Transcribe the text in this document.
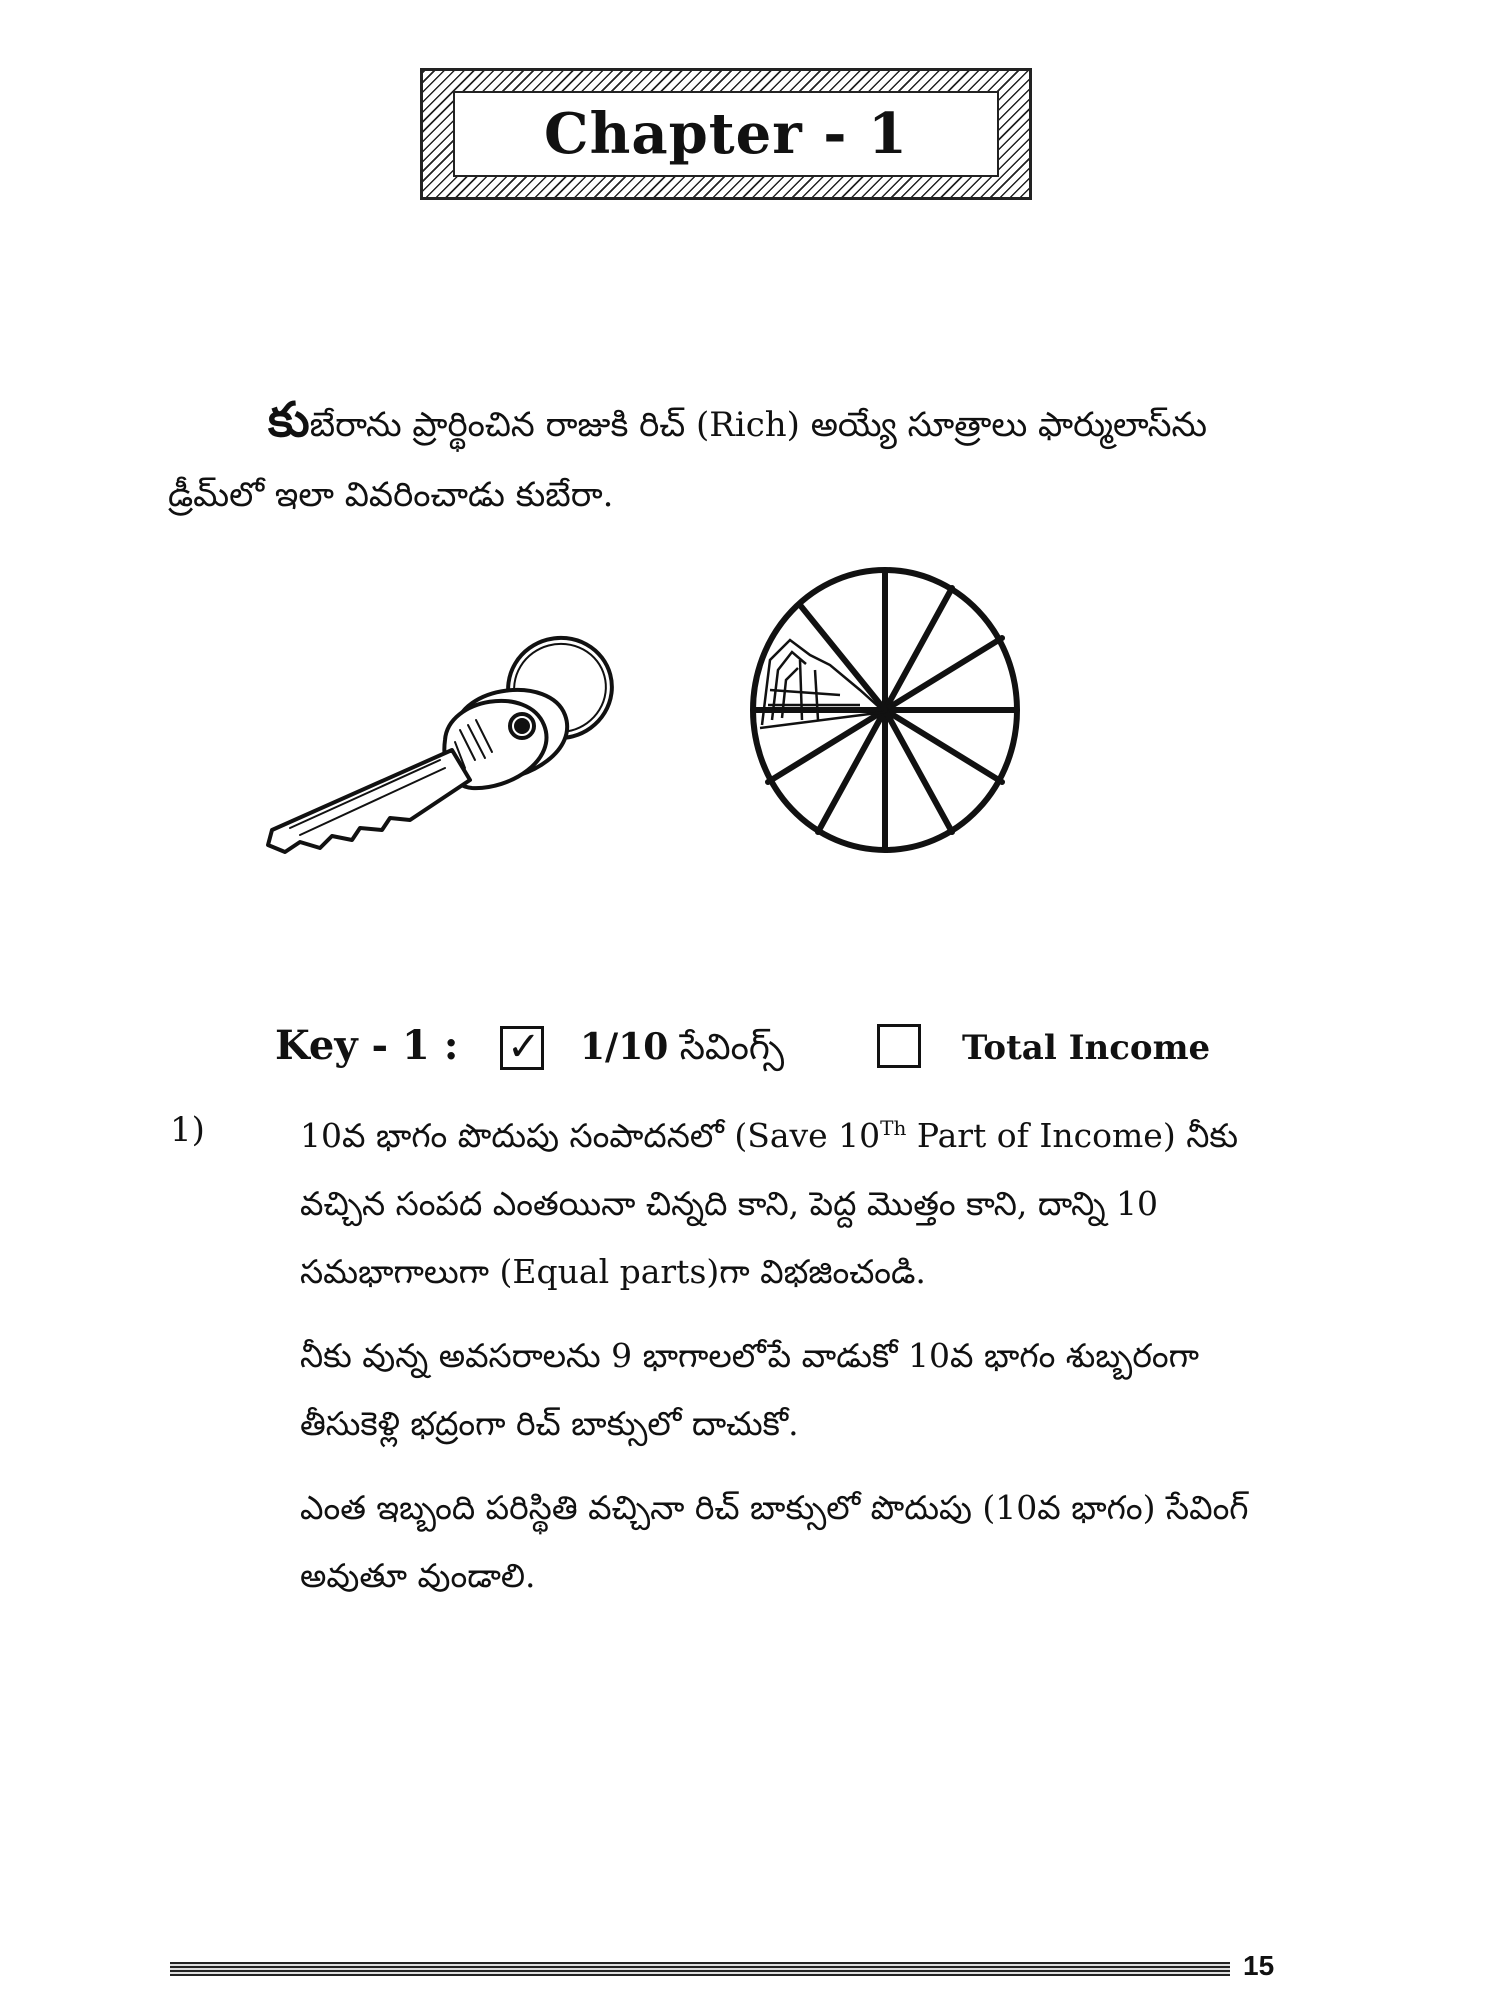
Chapter - 1
కుబేరాను ప్రార్థించిన రాజుకి రిచ్ (Rich) అయ్యే సూత్రాలు ఫార్ములాస్‌ను
డ్రీమ్‌లో ఇలా వివరించాడు కుబేరా.
Key - 1 : ✓ 1/10 సేవింగ్స్	Total Income
1)	10వ భాగం పొదుపు సంపాదనలో (Save 10Th Part of Income) నీకు వచ్చిన సంపద ఎంతయినా చిన్నది కాని, పెద్ద మొత్తం కాని, దాన్ని 10 సమభాగాలుగా (Equal parts)గా విభజించండి.

నీకు వున్న అవసరాలను 9 భాగాలలోపే వాడుకో 10వ భాగం శుబ్బరంగా తీసుకెళ్లి భద్రంగా రిచ్ బాక్సులో దాచుకో.

ఎంత ఇబ్బంది పరిస్థితి వచ్చినా రిచ్ బాక్సులో పొదుపు (10వ భాగం) సేవింగ్ అవుతూ వుండాలి.

15
